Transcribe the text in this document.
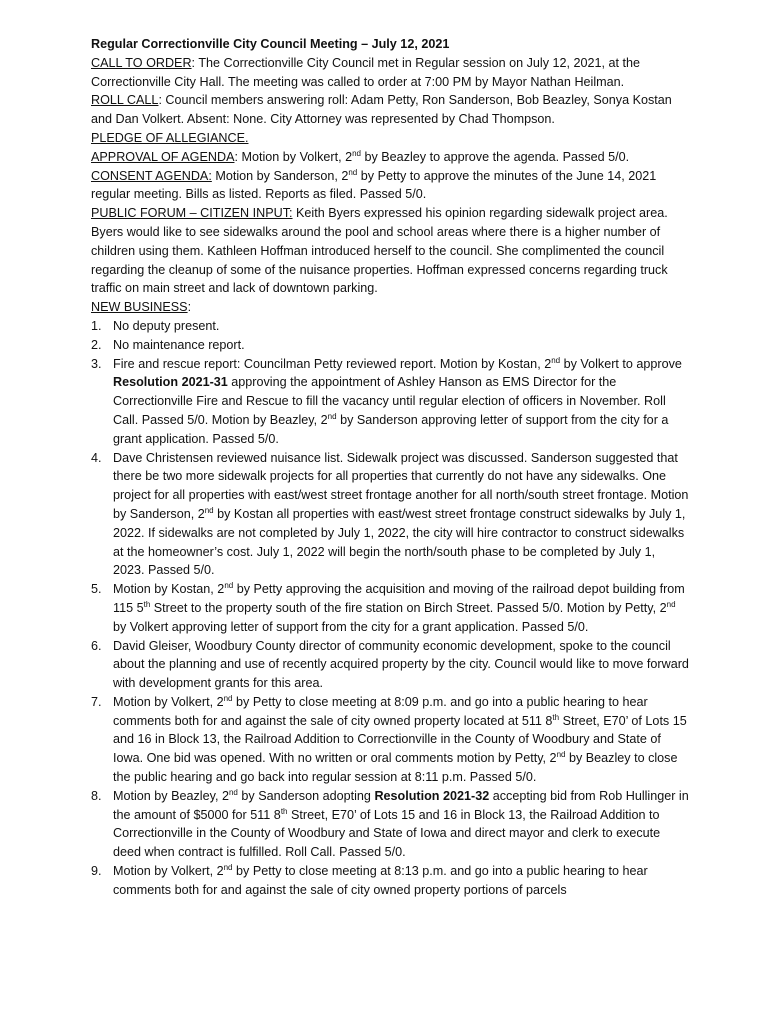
Regular Correctionville City Council Meeting – July 12, 2021

CALL TO ORDER: The Correctionville City Council met in Regular session on July 12, 2021, at the Correctionville City Hall. The meeting was called to order at 7:00 PM by Mayor Nathan Heilman.

ROLL CALL: Council members answering roll: Adam Petty, Ron Sanderson, Bob Beazley, Sonya Kostan and Dan Volkert. Absent: None. City Attorney was represented by Chad Thompson.

PLEDGE OF ALLEGIANCE.

APPROVAL OF AGENDA: Motion by Volkert, 2nd by Beazley to approve the agenda. Passed 5/0.

CONSENT AGENDA: Motion by Sanderson, 2nd by Petty to approve the minutes of the June 14, 2021 regular meeting. Bills as listed. Reports as filed. Passed 5/0.

PUBLIC FORUM – CITIZEN INPUT: Keith Byers expressed his opinion regarding sidewalk project area. Byers would like to see sidewalks around the pool and school areas where there is a higher number of children using them. Kathleen Hoffman introduced herself to the council. She complimented the council regarding the cleanup of some of the nuisance properties. Hoffman expressed concerns regarding truck traffic on main street and lack of downtown parking.

NEW BUSINESS:

1. No deputy present.
2. No maintenance report.
3. Fire and rescue report: Councilman Petty reviewed report. Motion by Kostan, 2nd by Volkert to approve Resolution 2021-31 approving the appointment of Ashley Hanson as EMS Director for the Correctionville Fire and Rescue to fill the vacancy until regular election of officers in November. Roll Call. Passed 5/0. Motion by Beazley, 2nd by Sanderson approving letter of support from the city for a grant application. Passed 5/0.
4. Dave Christensen reviewed nuisance list. Sidewalk project was discussed. Sanderson suggested that there be two more sidewalk projects for all properties that currently do not have any sidewalks. One project for all properties with east/west street frontage another for all north/south street frontage. Motion by Sanderson, 2nd by Kostan all properties with east/west street frontage construct sidewalks by July 1, 2022. If sidewalks are not completed by July 1, 2022, the city will hire contractor to construct sidewalks at the homeowner’s cost. July 1, 2022 will begin the north/south phase to be completed by July 1, 2023. Passed 5/0.
5. Motion by Kostan, 2nd by Petty approving the acquisition and moving of the railroad depot building from 115 5th Street to the property south of the fire station on Birch Street. Passed 5/0. Motion by Petty, 2nd by Volkert approving letter of support from the city for a grant application. Passed 5/0.
6. David Gleiser, Woodbury County director of community economic development, spoke to the council about the planning and use of recently acquired property by the city. Council would like to move forward with development grants for this area.
7. Motion by Volkert, 2nd by Petty to close meeting at 8:09 p.m. and go into a public hearing to hear comments both for and against the sale of city owned property located at 511 8th Street, E70’ of Lots 15 and 16 in Block 13, the Railroad Addition to Correctionville in the County of Woodbury and State of Iowa. One bid was opened. With no written or oral comments motion by Petty, 2nd by Beazley to close the public hearing and go back into regular session at 8:11 p.m. Passed 5/0.
8. Motion by Beazley, 2nd by Sanderson adopting Resolution 2021-32 accepting bid from Rob Hullinger in the amount of $5000 for 511 8th Street, E70’ of Lots 15 and 16 in Block 13, the Railroad Addition to Correctionville in the County of Woodbury and State of Iowa and direct mayor and clerk to execute deed when contract is fulfilled. Roll Call. Passed 5/0.
9. Motion by Volkert, 2nd by Petty to close meeting at 8:13 p.m. and go into a public hearing to hear comments both for and against the sale of city owned property portions of parcels
